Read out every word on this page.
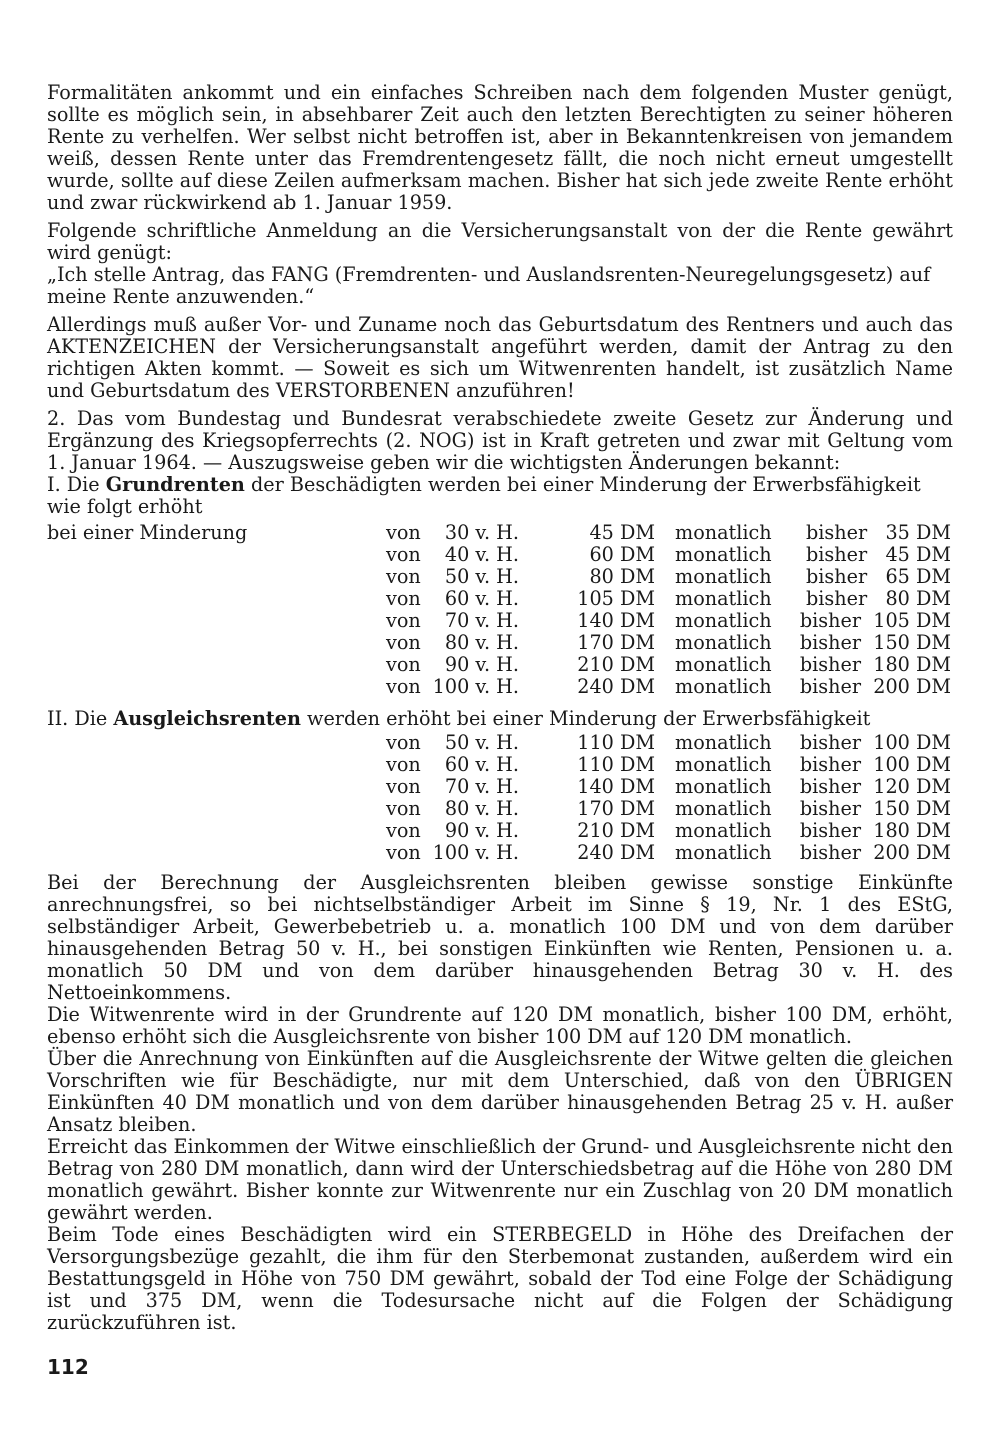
Formalitäten ankommt und ein einfaches Schreiben nach dem folgenden Muster genügt, sollte es möglich sein, in absehbarer Zeit auch den letzten Berechtigten zu seiner höheren Rente zu verhelfen. Wer selbst nicht betroffen ist, aber in Bekanntenkreisen von jemandem weiß, dessen Rente unter das Fremdrentengesetz fällt, die noch nicht erneut umgestellt wurde, sollte auf diese Zeilen aufmerksam machen. Bisher hat sich jede zweite Rente erhöht und zwar rückwirkend ab 1. Januar 1959.

Folgende schriftliche Anmeldung an die Versicherungsanstalt von der die Rente gewährt wird genügt:

„Ich stelle Antrag, das FANG (Fremdrenten- und Auslandsrenten-Neuregelungsgesetz) auf meine Rente anzuwenden.“

Allerdings muß außer Vor- und Zuname noch das Geburtsdatum des Rentners und auch das AKTENZEICHEN der Versicherungsanstalt angeführt werden, damit der Antrag zu den richtigen Akten kommt. — Soweit es sich um Witwenrenten handelt, ist zusätzlich Name und Geburtsdatum des VERSTORBENEN anzuführen!

2. Das vom Bundestag und Bundesrat verabschiedete zweite Gesetz zur Änderung und Ergänzung des Kriegsopferrechts (2. NOG) ist in Kraft getreten und zwar mit Geltung vom 1. Januar 1964. — Auszugsweise geben wir die wichtigsten Änderungen bekannt:

I. Die Grundrenten der Beschädigten werden bei einer Minderung der Erwerbsfähigkeit wie folgt erhöht

bei einer Minderung	von	30 v. H.	45 DM monatlich	bisher   35 DM
von	40 v. H.	60 DM monatlich	bisher   45 DM
von	50 v. H.	80 DM monatlich	bisher   65 DM
von	60 v. H.	105 DM monatlich	bisher   80 DM
von	70 v. H.	140 DM monatlich	bisher  105 DM
von	80 v. H.	170 DM monatlich	bisher  150 DM
von	90 v. H.	210 DM monatlich	bisher  180 DM
von 100 v. H.	240 DM monatlich	bisher  200 DM

II. Die Ausgleichsrenten werden erhöht bei einer Minderung der Erwerbsfähigkeit

von	50 v. H.	110 DM monatlich	bisher  100 DM
von	60 v. H.	110 DM monatlich	bisher  100 DM
von	70 v. H.	140 DM monatlich	bisher  120 DM
von	80 v. H.	170 DM monatlich	bisher  150 DM
von	90 v. H.	210 DM monatlich	bisher  180 DM
von 100 v. H.	240 DM monatlich	bisher  200 DM

Bei der Berechnung der Ausgleichsrenten bleiben gewisse sonstige Einkünfte anrechnungsfrei, so bei nichtselbständiger Arbeit im Sinne § 19, Nr. 1 des EStG, selbständiger Arbeit, Gewerbebetrieb u. a. monatlich 100 DM und von dem darüber hinausgehenden Betrag 50 v. H., bei sonstigen Einkünften wie Renten, Pensionen u. a. monatlich 50 DM und von dem darüber hinausgehenden Betrag 30 v. H. des Nettoeinkommens.

Die Witwenrente wird in der Grundrente auf 120 DM monatlich, bisher 100 DM, erhöht, ebenso erhöht sich die Ausgleichsrente von bisher 100 DM auf 120 DM monatlich.

Über die Anrechnung von Einkünften auf die Ausgleichsrente der Witwe gelten die gleichen Vorschriften wie für Beschädigte, nur mit dem Unterschied, daß von den ÜBRIGEN Einkünften 40 DM monatlich und von dem darüber hinausgehenden Betrag 25 v. H. außer Ansatz bleiben.

Erreicht das Einkommen der Witwe einschließlich der Grund- und Ausgleichsrente nicht den Betrag von 280 DM monatlich, dann wird der Unterschiedsbetrag auf die Höhe von 280 DM monatlich gewährt. Bisher konnte zur Witwenrente nur ein Zuschlag von 20 DM monatlich gewährt werden.

Beim Tode eines Beschädigten wird ein STERBEGELD in Höhe des Dreifachen der Versorgungsbezüge gezahlt, die ihm für den Sterbemonat zustanden, außerdem wird ein Bestattungsgeld in Höhe von 750 DM gewährt, sobald der Tod eine Folge der Schädigung ist und 375 DM, wenn die Todesursache nicht auf die Folgen der Schädigung zurückzuführen ist.

112
